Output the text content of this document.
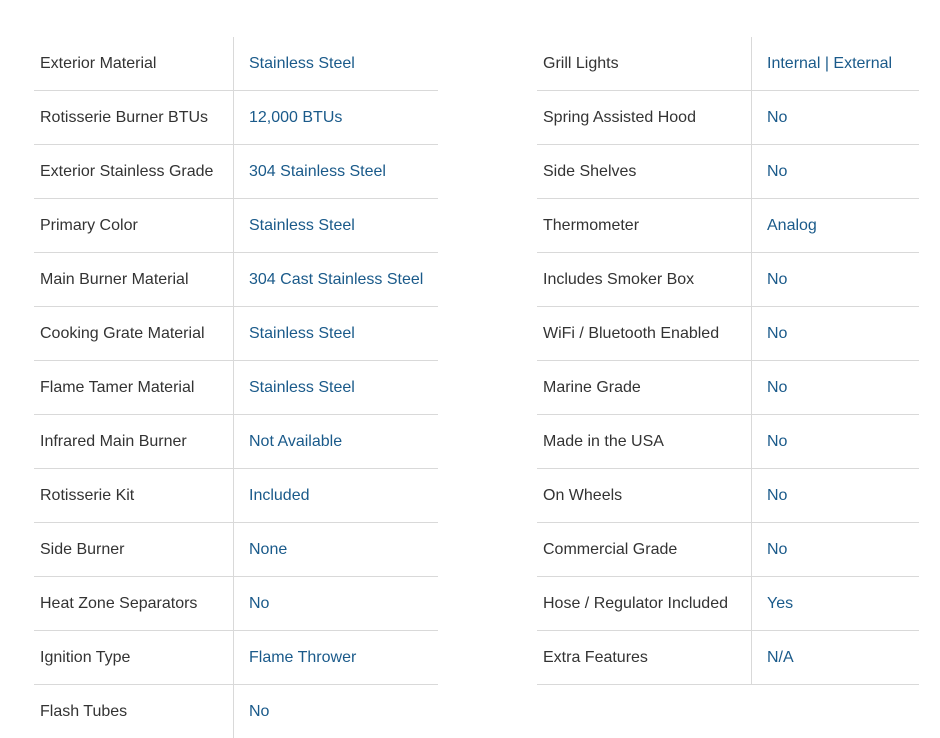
Exterior Material	Stainless Steel
Rotisserie Burner BTUs	12,000 BTUs
Exterior Stainless Grade	304 Stainless Steel
Primary Color	Stainless Steel
Main Burner Material	304 Cast Stainless Steel
Cooking Grate Material	Stainless Steel
Flame Tamer Material	Stainless Steel
Infrared Main Burner	Not Available
Rotisserie Kit	Included
Side Burner	None
Heat Zone Separators	No
Ignition Type	Flame Thrower
Flash Tubes	No
Grill Lights	Internal | External
Spring Assisted Hood	No
Side Shelves	No
Thermometer	Analog
Includes Smoker Box	No
WiFi / Bluetooth Enabled	No
Marine Grade	No
Made in the USA	No
On Wheels	No
Commercial Grade	No
Hose / Regulator Included	Yes
Extra Features	N/A
